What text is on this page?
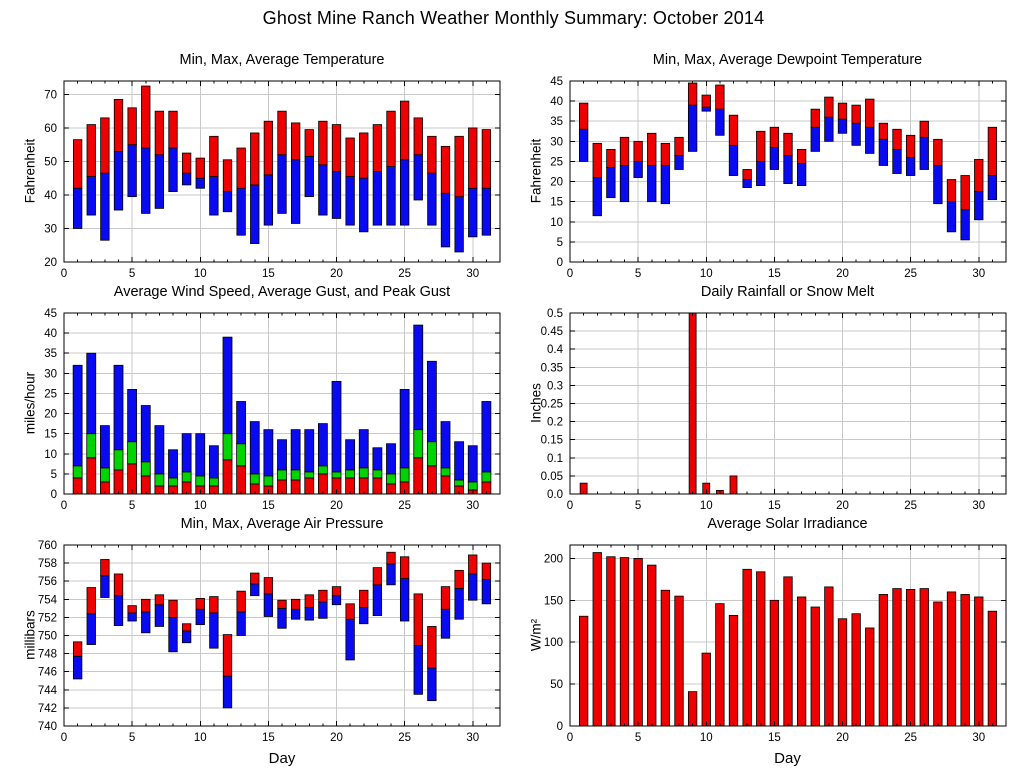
Ghost Mine Ranch Weather Monthly Summary: October 2014
Min, Max, Average Temperature
Fahrenheit
0	5	10	15	20	25	30
20
30
40
50
60
70
Min, Max, Average Dewpoint Temperature
Fahrenheit
0	5	10	15	20	25	30
0
5
10
15
20
25
30
35
40
45
Average Wind Speed, Average Gust, and Peak Gust
miles/hour
0	5	10	15	20	25	30
0
5
10
15
20
25
30
35
40
45
Daily Rainfall or Snow Melt
Inches
0	5	10	15	20	25	30
0.0
0.05
0.1
0.15
0.2
0.25
0.3
0.35
0.4
0.45
0.5
Min, Max, Average Air Pressure
millibars
0	5	10	15	20	25	30
740
742
744
746
748
750
752
754
756
758
760
Day
Average Solar Irradiance
W/m²
0	5	10	15	20	25	30
0
50
100
150
200
Day
